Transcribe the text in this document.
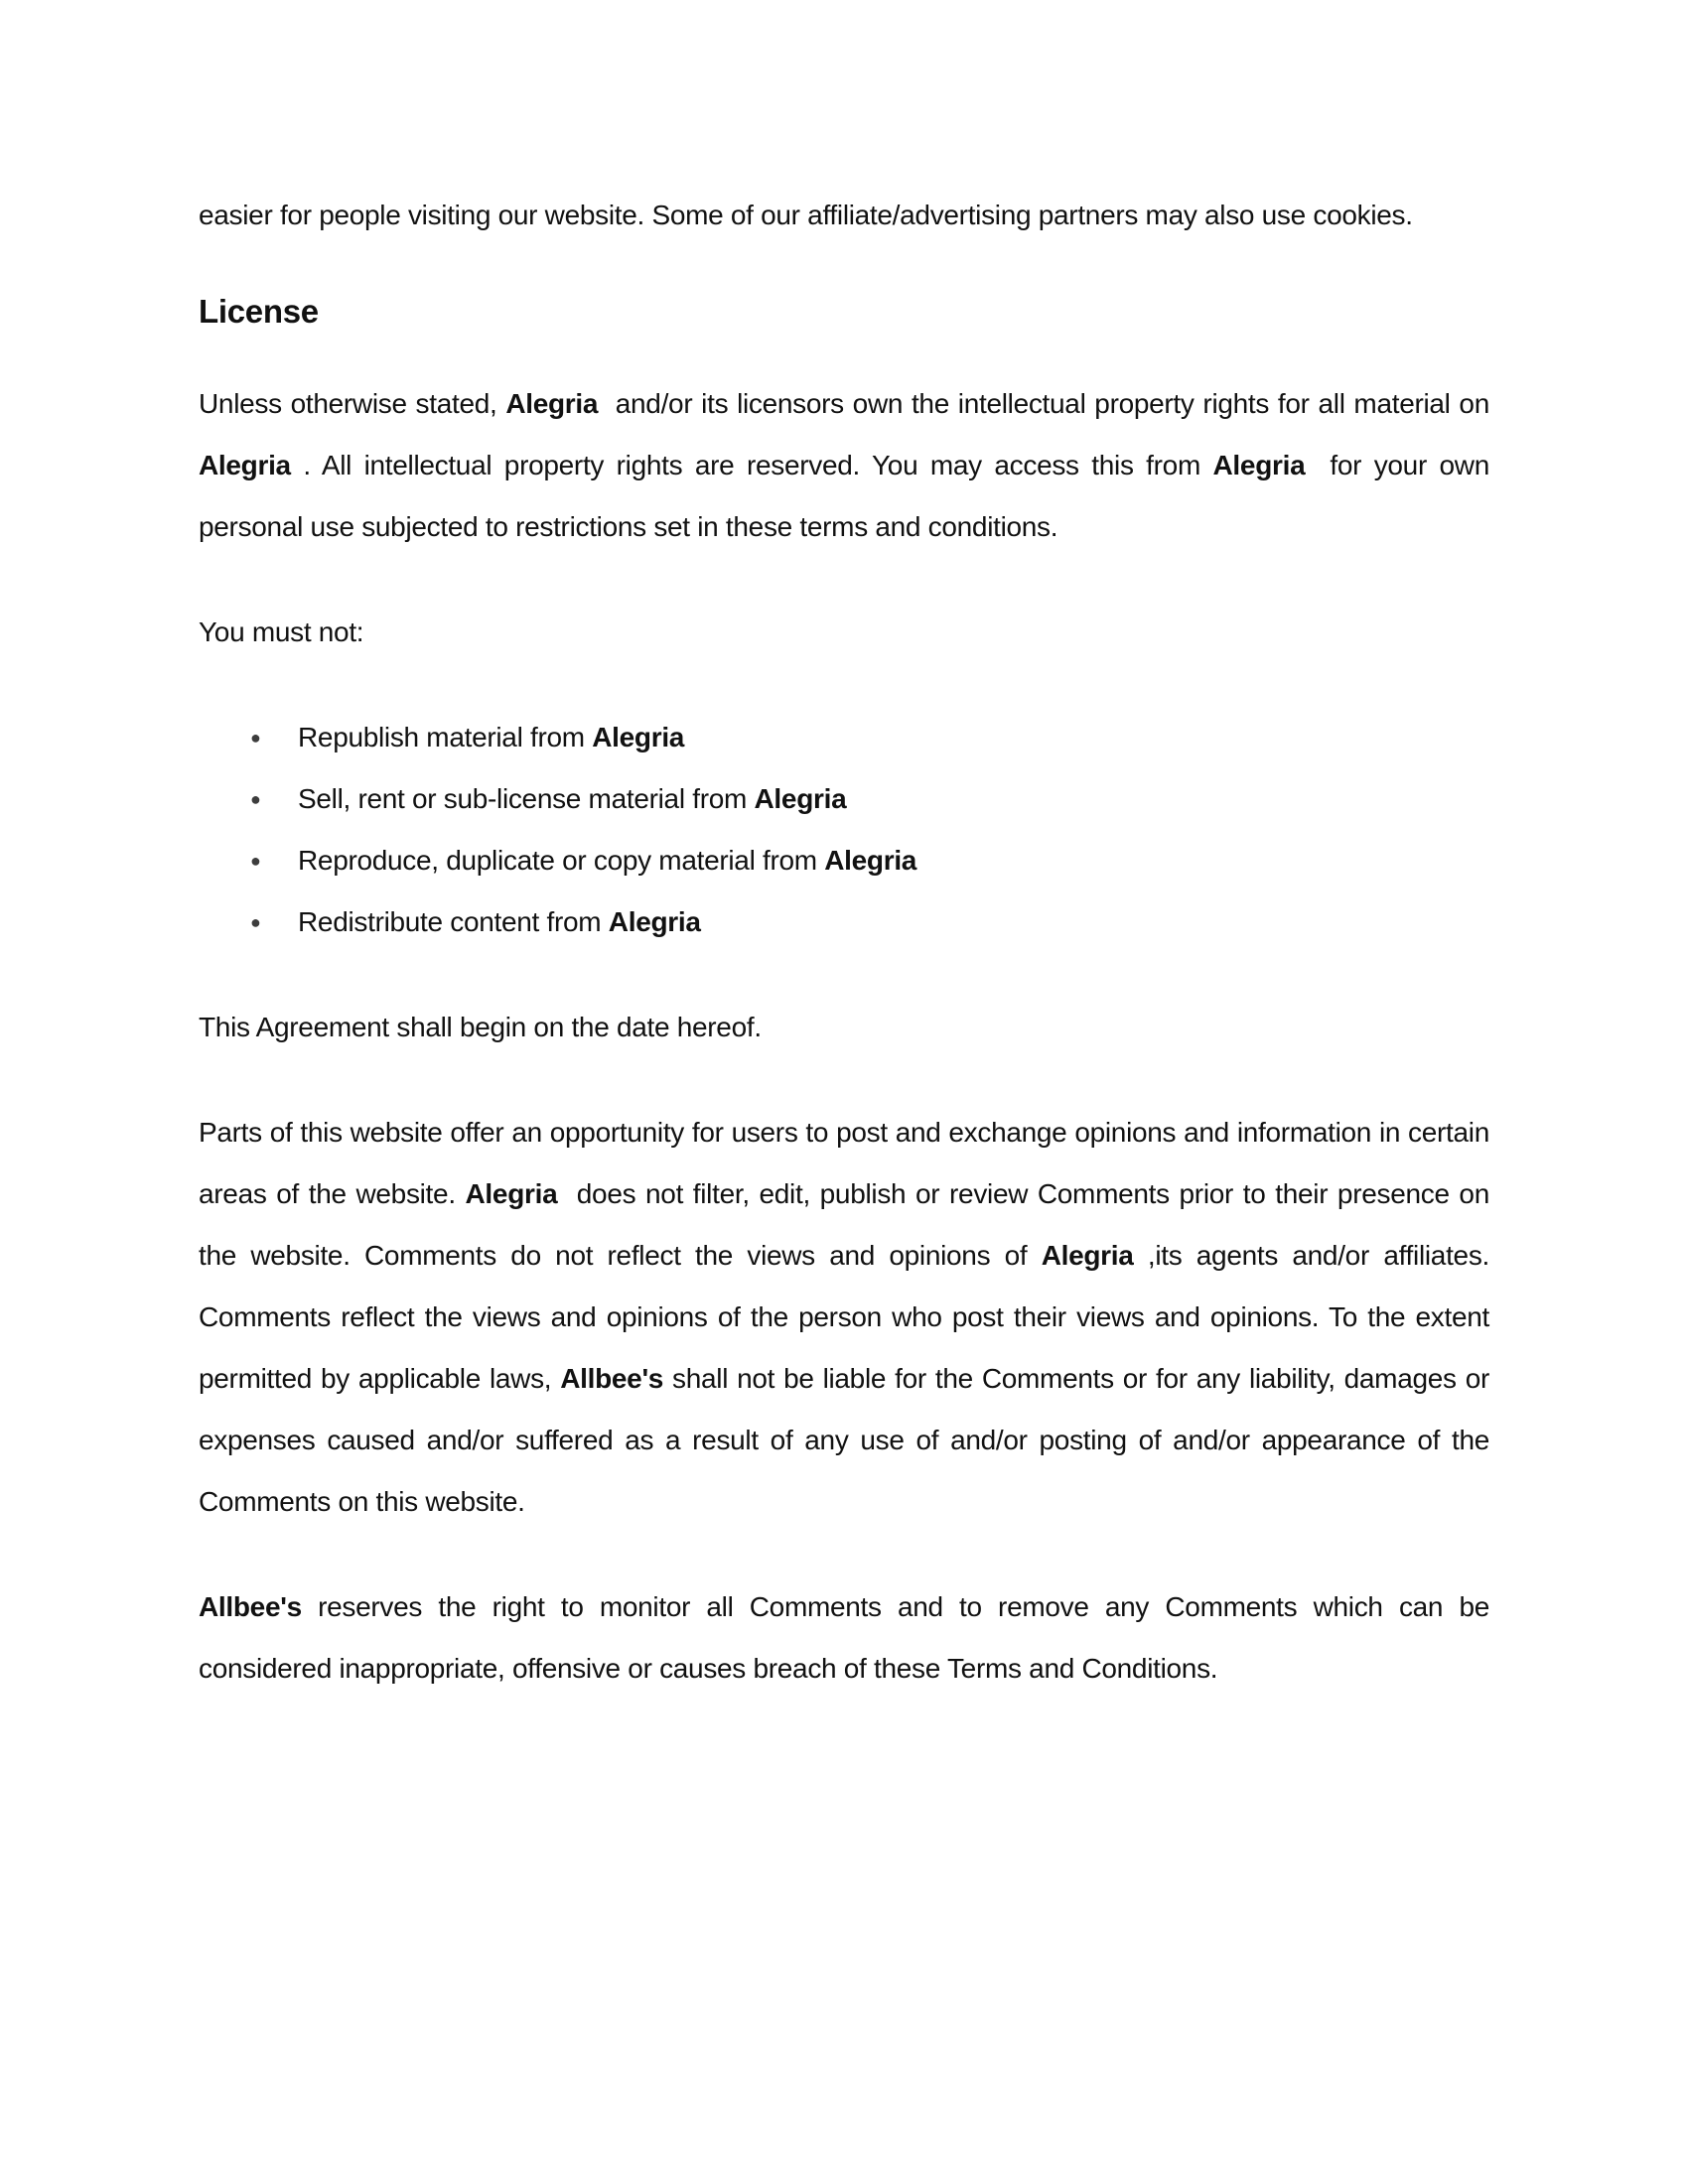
easier for people visiting our website. Some of our affiliate/advertising partners may also use cookies.

License

Unless otherwise stated, Alegria  and/or its licensors own the intellectual property rights for all material on Alegria . All intellectual property rights are reserved. You may access this from Alegria  for your own personal use subjected to restrictions set in these terms and conditions.

You must not:

● Republish material from Alegria
● Sell, rent or sub-license material from Alegria
● Reproduce, duplicate or copy material from Alegria
● Redistribute content from Alegria

This Agreement shall begin on the date hereof.

Parts of this website offer an opportunity for users to post and exchange opinions and information in certain areas of the website. Alegria  does not filter, edit, publish or review Comments prior to their presence on the website. Comments do not reflect the views and opinions of Alegria ,its agents and/or affiliates. Comments reflect the views and opinions of the person who post their views and opinions. To the extent permitted by applicable laws, Allbee's shall not be liable for the Comments or for any liability, damages or expenses caused and/or suffered as a result of any use of and/or posting of and/or appearance of the Comments on this website.

Allbee's reserves the right to monitor all Comments and to remove any Comments which can be considered inappropriate, offensive or causes breach of these Terms and Conditions.
